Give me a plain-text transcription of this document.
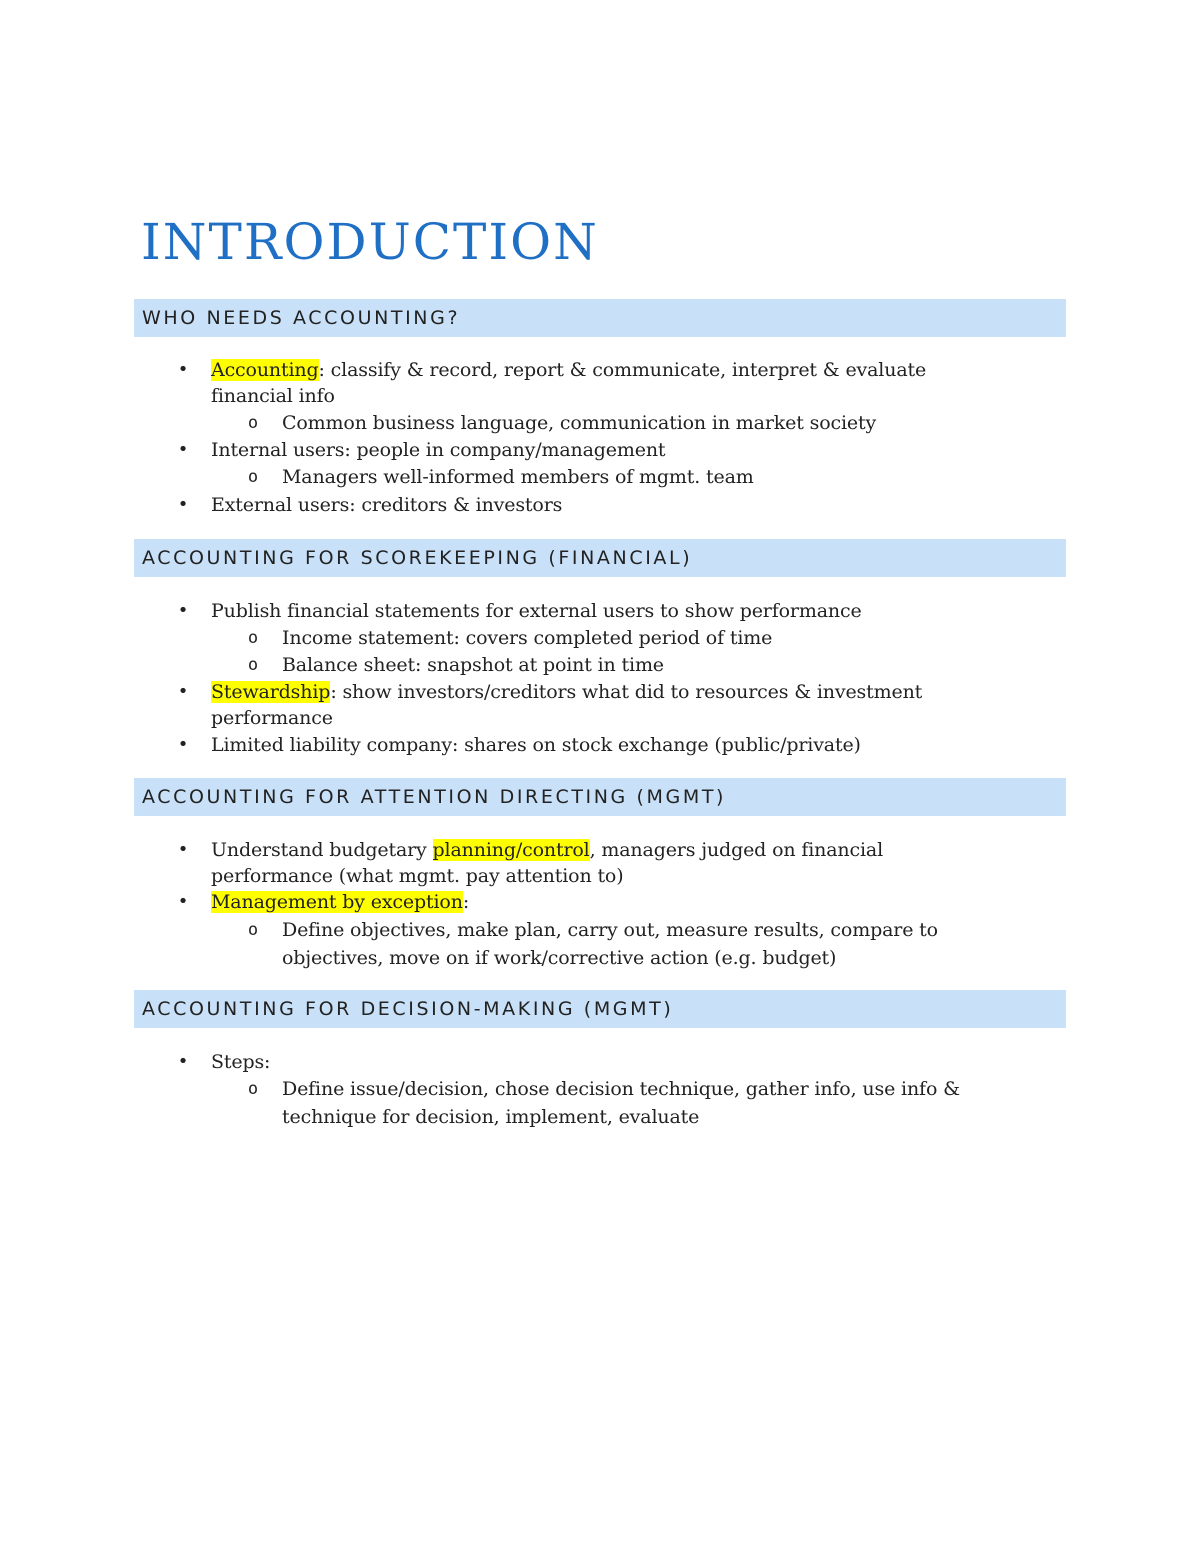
INTRODUCTION
WHO NEEDS ACCOUNTING?
• Accounting: classify & record, report & communicate, interpret & evaluate financial info
o Common business language, communication in market society
• Internal users: people in company/management
o Managers well-informed members of mgmt. team
• External users: creditors & investors
ACCOUNTING FOR SCOREKEEPING (FINANCIAL)
• Publish financial statements for external users to show performance
o Income statement: covers completed period of time
o Balance sheet: snapshot at point in time
• Stewardship: show investors/creditors what did to resources & investment performance
• Limited liability company: shares on stock exchange (public/private)
ACCOUNTING FOR ATTENTION DIRECTING (MGMT)
• Understand budgetary planning/control, managers judged on financial performance (what mgmt. pay attention to)
• Management by exception:
o Define objectives, make plan, carry out, measure results, compare to objectives, move on if work/corrective action (e.g. budget)
ACCOUNTING FOR DECISION-MAKING (MGMT)
• Steps:
o Define issue/decision, chose decision technique, gather info, use info & technique for decision, implement, evaluate
